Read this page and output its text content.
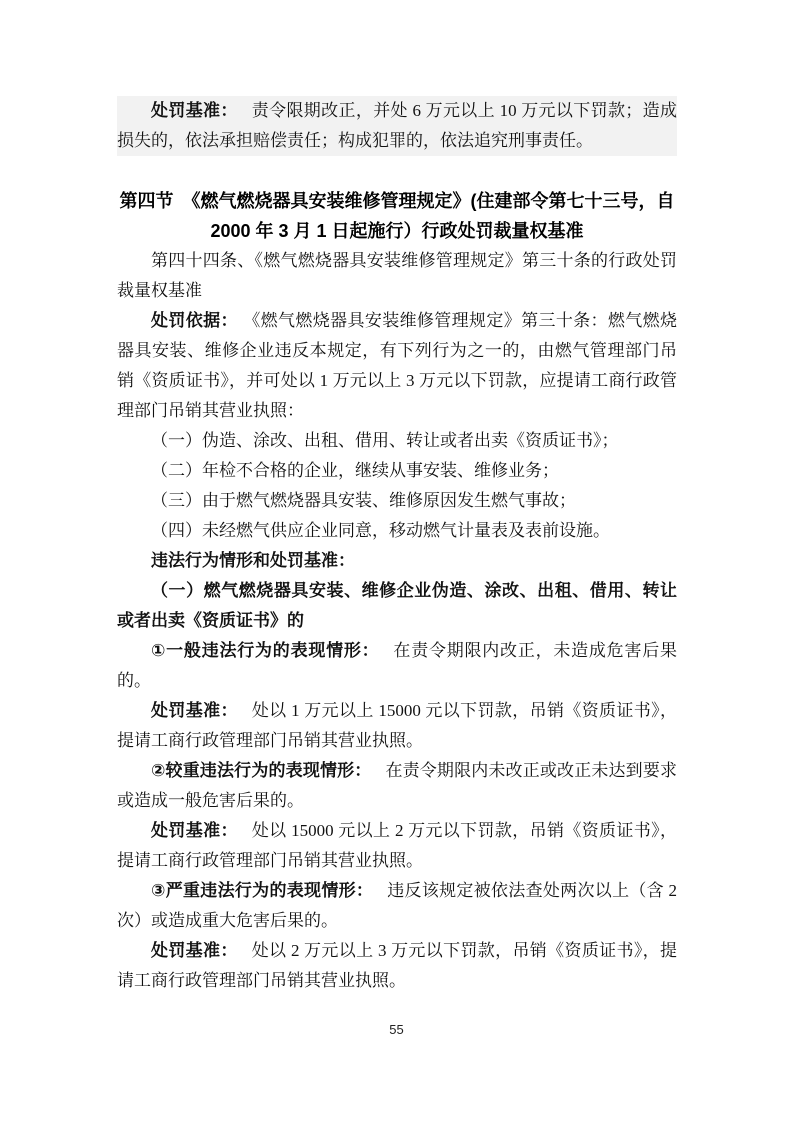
处罚基准： 责令限期改正，并处 6 万元以上 10 万元以下罚款；造成损失的，依法承担赔偿责任；构成犯罪的，依法追究刑事责任。

第四节　《燃气燃烧器具安装维修管理规定》(住建部令第七十三号，自 2000 年 3 月 1 日起施行）行政处罚裁量权基准

第四十四条、《燃气燃烧器具安装维修管理规定》第三十条的行政处罚裁量权基准

处罚依据： 《燃气燃烧器具安装维修管理规定》第三十条：燃气燃烧器具安装、维修企业违反本规定，有下列行为之一的，由燃气管理部门吊销《资质证书》，并可处以 1 万元以上 3 万元以下罚款，应提请工商行政管理部门吊销其营业执照：

（一）伪造、涂改、出租、借用、转让或者出卖《资质证书》；

（二）年检不合格的企业，继续从事安装、维修业务；

（三）由于燃气燃烧器具安装、维修原因发生燃气事故；

（四）未经燃气供应企业同意，移动燃气计量表及表前设施。

违法行为情形和处罚基准：

（一）燃气燃烧器具安装、维修企业伪造、涂改、出租、借用、转让或者出卖《资质证书》的

①一般违法行为的表现情形： 在责令期限内改正，未造成危害后果的。

处罚基准： 处以 1 万元以上 15000 元以下罚款，吊销《资质证书》，提请工商行政管理部门吊销其营业执照。

②较重违法行为的表现情形： 在责令期限内未改正或改正未达到要求或造成一般危害后果的。

处罚基准： 处以 15000 元以上 2 万元以下罚款，吊销《资质证书》，提请工商行政管理部门吊销其营业执照。

③严重违法行为的表现情形： 违反该规定被依法查处两次以上（含 2 次）或造成重大危害后果的。

处罚基准： 处以 2 万元以上 3 万元以下罚款，吊销《资质证书》，提请工商行政管理部门吊销其营业执照。

55
